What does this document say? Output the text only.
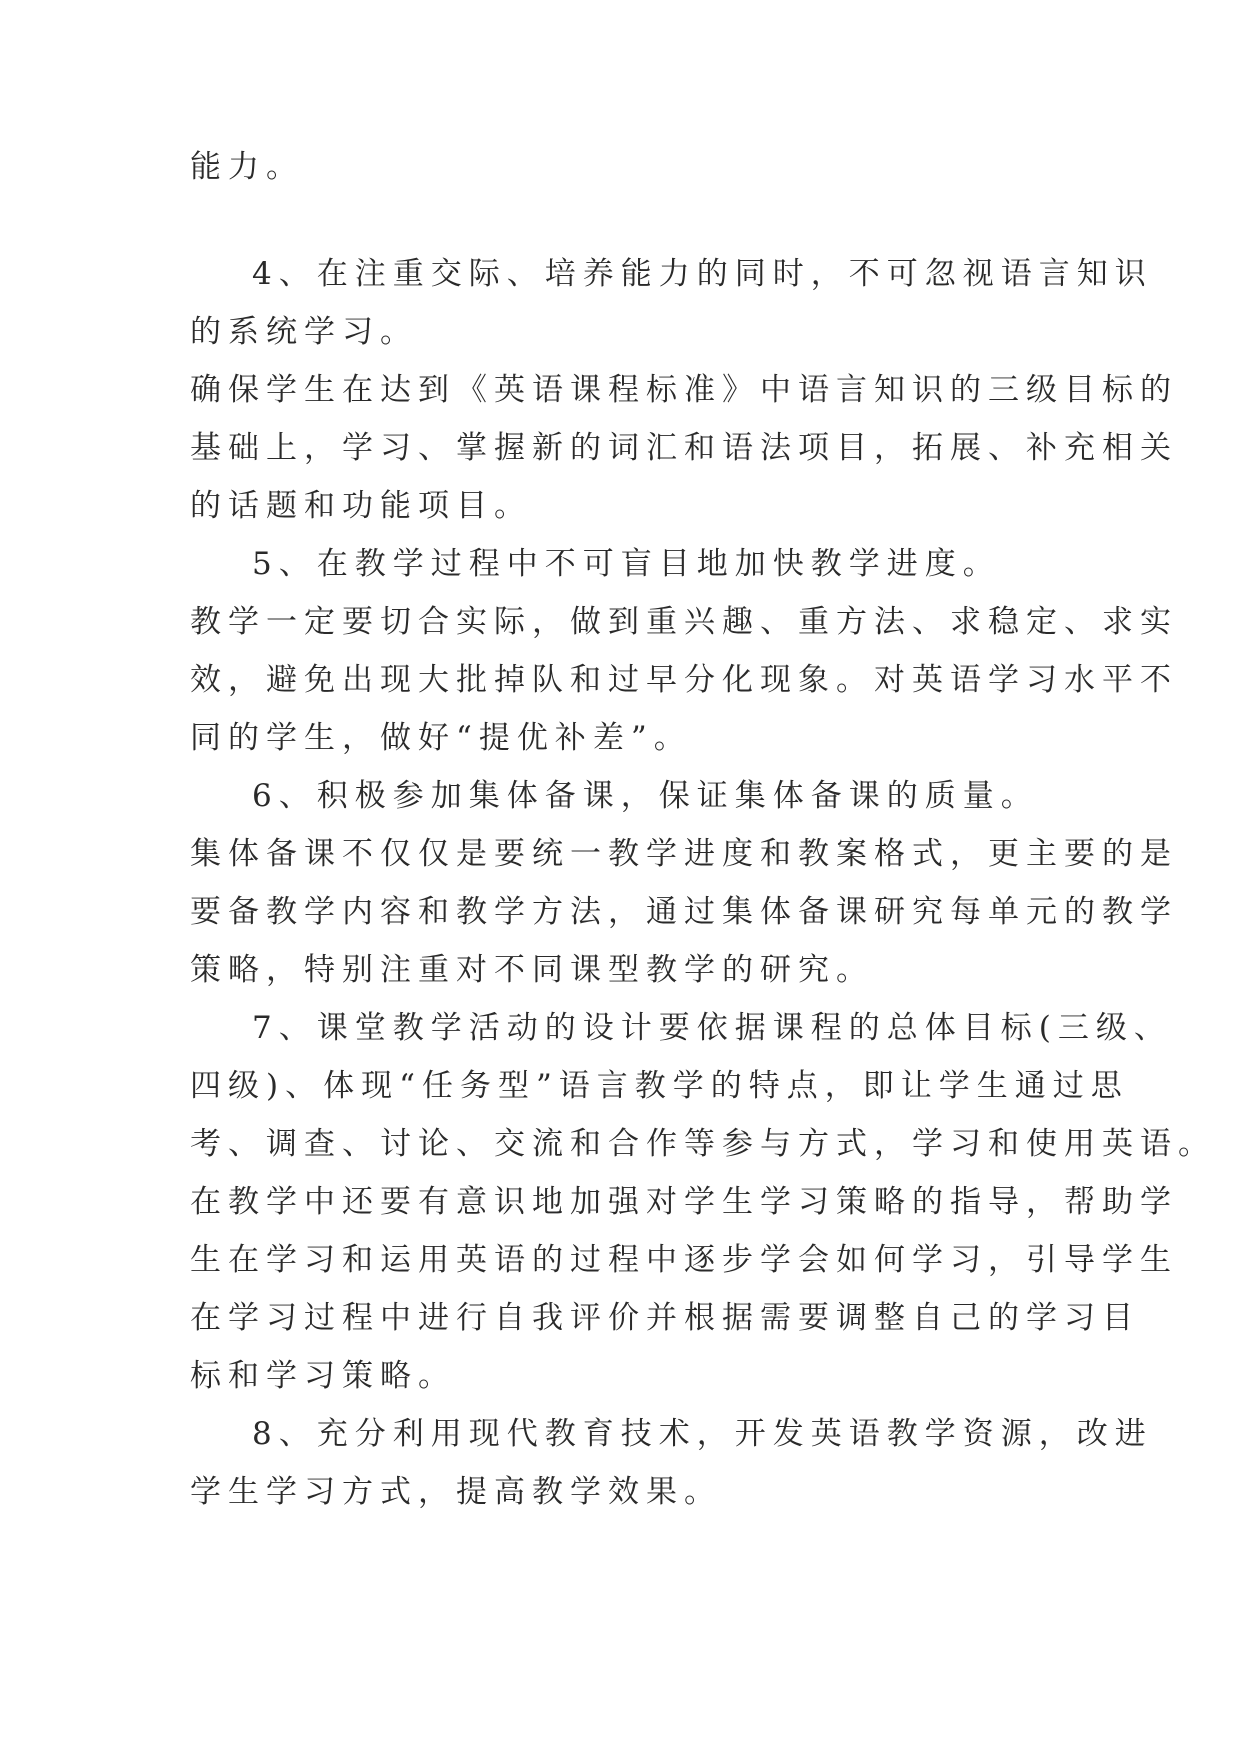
能力。
4、在注重交际、培养能力的同时，不可忽视语言知识
的系统学习。
确保学生在达到《英语课程标准》中语言知识的三级目标的
基础上，学习、掌握新的词汇和语法项目，拓展、补充相关
的话题和功能项目。
5、在教学过程中不可盲目地加快教学进度。
教学一定要切合实际，做到重兴趣、重方法、求稳定、求实
效，避免出现大批掉队和过早分化现象。对英语学习水平不
同的学生，做好“提优补差”。
6、积极参加集体备课，保证集体备课的质量。
集体备课不仅仅是要统一教学进度和教案格式，更主要的是
要备教学内容和教学方法，通过集体备课研究每单元的教学
策略，特别注重对不同课型教学的研究。
7、课堂教学活动的设计要依据课程的总体目标(三级、
四级)、体现“任务型”语言教学的特点，即让学生通过思
考、调查、讨论、交流和合作等参与方式，学习和使用英语。
在教学中还要有意识地加强对学生学习策略的指导，帮助学
生在学习和运用英语的过程中逐步学会如何学习，引导学生
在学习过程中进行自我评价并根据需要调整自己的学习目
标和学习策略。
8、充分利用现代教育技术，开发英语教学资源，改进
学生学习方式，提高教学效果。
